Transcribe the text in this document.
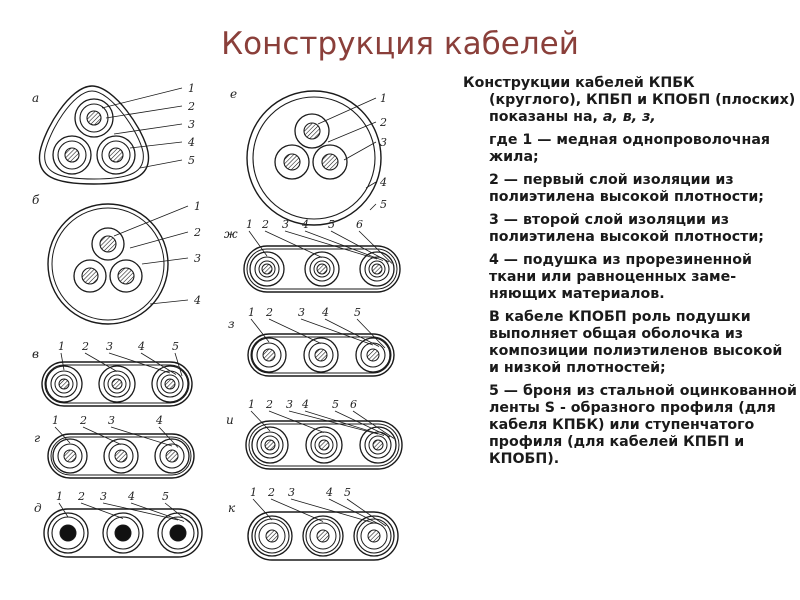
Конструкция кабелей
а
1
2
3
4
5
б	1
2
3
4
е	1
2
3
4
5
в
1 2 3 4 5
г
1 2 3	4
д
1 2 3 4 5
ж
1 2 3 4 5 6
з
1 2 3 4 5
и
1 2 3 4 5 6
к
1 2 3	4 5

Конструкции кабелей КПБК
(круглого), КПБП и КПОБП (плоских) показаны на, а, в, з,

где 1 — медная однопроволочная жила;

2 — первый слой изоляции из полиэтилена высокой плотности;

3 — второй слой изоляции из полиэтилена высокой плотности;

4 — подушка из прорезиненной ткани или равноценных заме-няющих материалов.

В кабеле КПОБП роль подушки выполняет общая оболочка из композиции полиэтиленов высокой и низкой плотностей;

5 — броня из стальной оцинкованной ленты S - образного профиля (для кабеля КПБК) или ступенчатого профиля (для кабелей КПБП и КПОБП).
